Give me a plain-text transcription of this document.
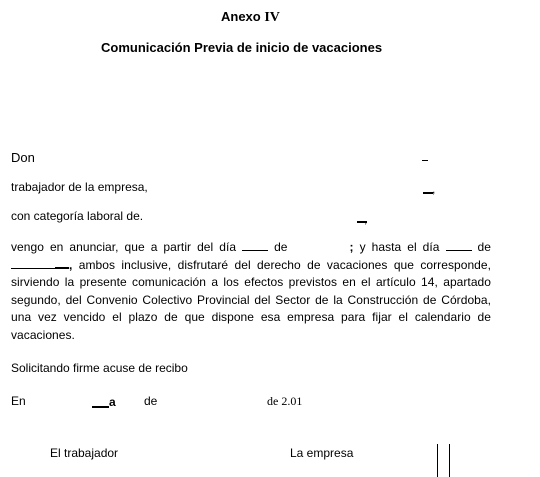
Anexo IV
Comunicación Previa de inicio de vacaciones
Don
trabajador de la empresa,	,
con categoría laboral de.	,

vengo en anunciar, que a partir del día	de	; y hasta el día	de

, ambos inclusive, disfrutaré del derecho de vacaciones que corresponde,

sirviendo la presente comunicación a los efectos previstos en el artículo 14, apartado

segundo, del Convenio Colectivo Provincial del Sector de la Construcción de Córdoba,

una vez vencido el plazo de que dispone esa empresa para fijar el calendario de

vacaciones.

Solicitando firme acuse de recibo
En	a de	de 2.01
El trabajador	La empresa
